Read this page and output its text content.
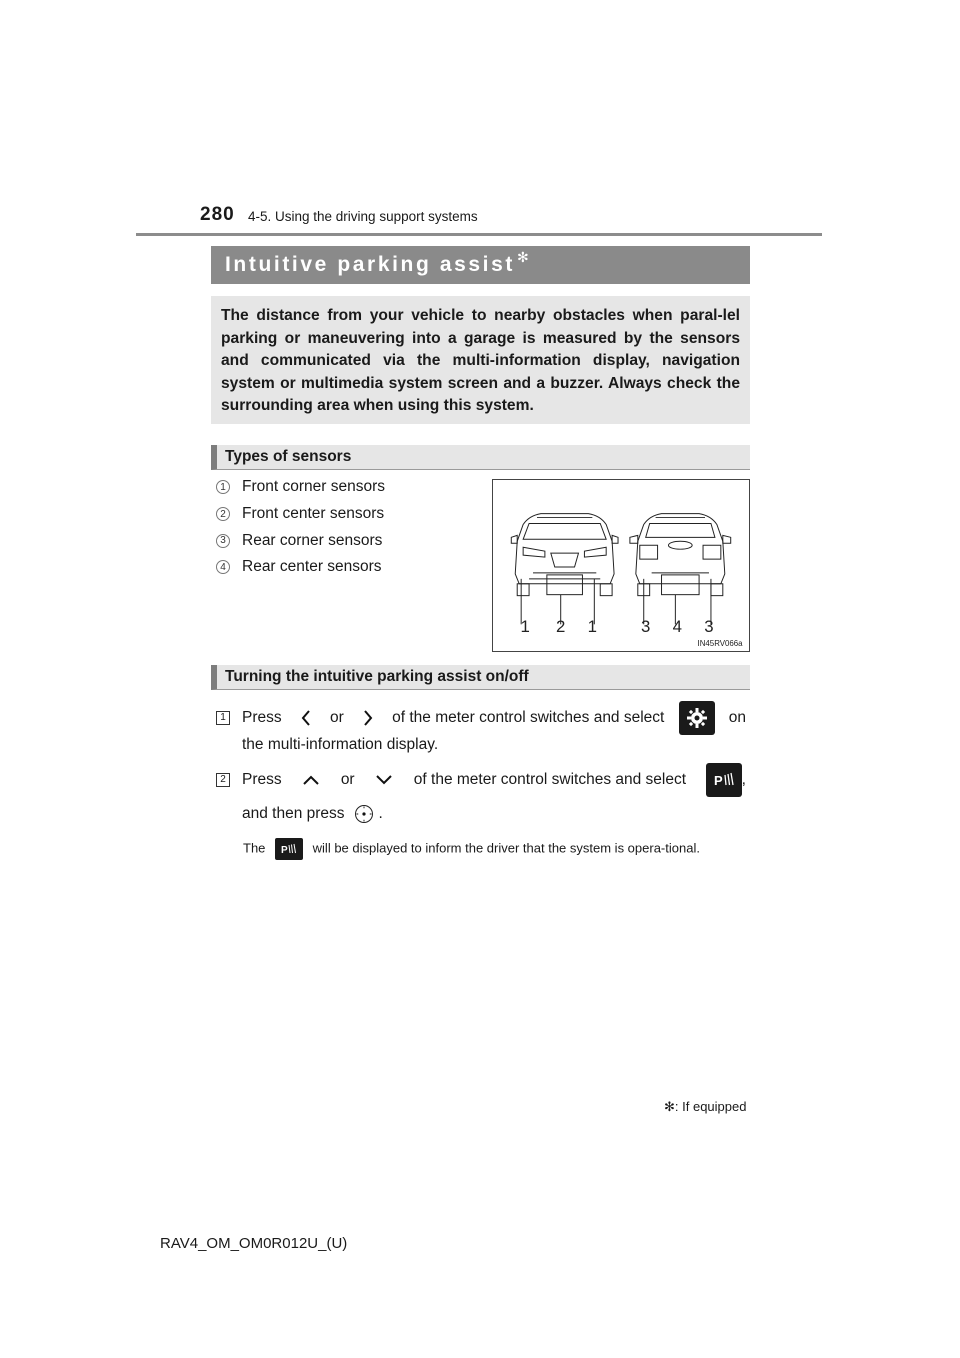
280 4-5. Using the driving support systems
Intuitive parking assist ✻

The distance from your vehicle to nearby obstacles when paral-lel parking or maneuvering into a garage is measured by the sensors and communicated via the multi-information display, navigation system or multimedia system screen and a buzzer. Always check the surrounding area when using this system.

Types of sensors
1 Front corner sensors
2 Front center sensors
3 Rear corner sensors
4 Rear center sensors
1 2 1	3 4 3
IN45RV066a
Turning the intuitive parking assist on/off
1 Press	or	of the meter control switches and select	on
the multi-information display.
2 Press	or	of the meter control switches and select P ,
and then press .
The P will be displayed to inform the driver that the system is opera-tional.
✻: If equipped
RAV4_OM_OM0R012U_(U)
